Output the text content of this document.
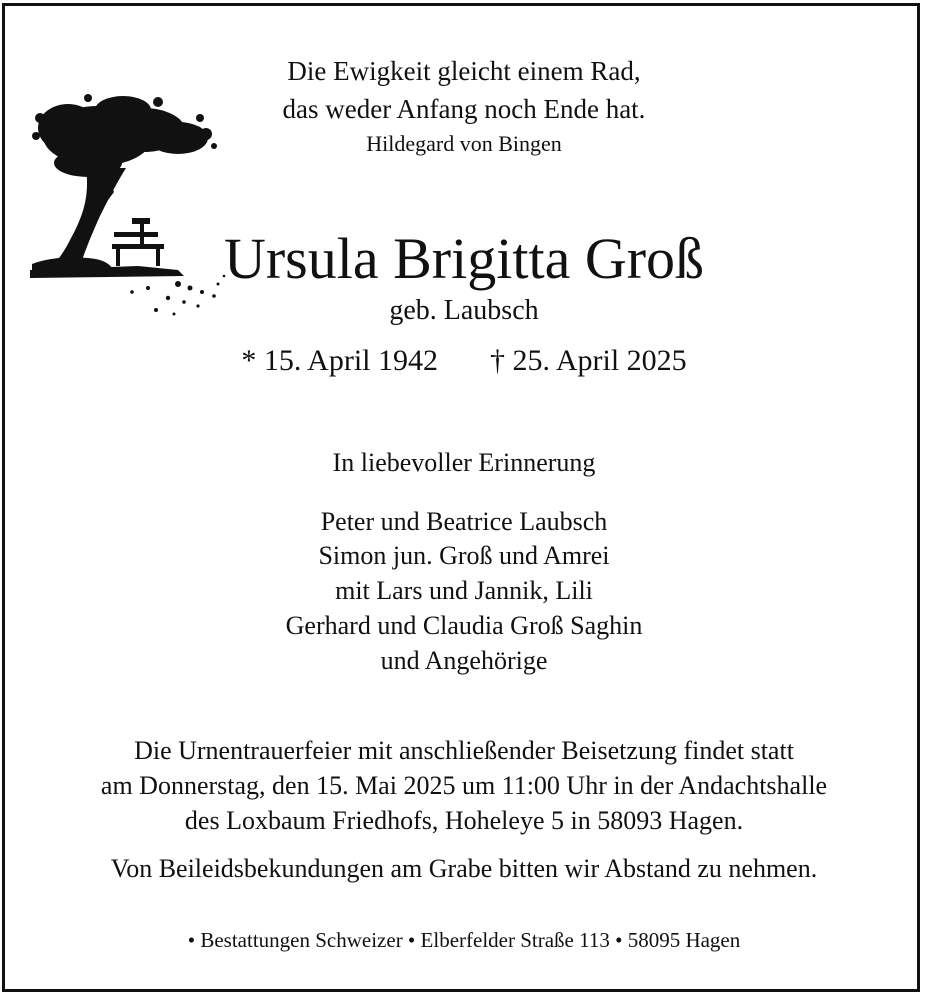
Die Ewigkeit gleicht einem Rad,
das weder Anfang noch Ende hat.
Hildegard von Bingen
Ursula Brigitta Groß
geb. Laubsch
* 15. April 1942 † 25. April 2025
In liebevoller Erinnerung
Peter und Beatrice Laubsch
Simon jun. Groß und Amrei
mit Lars und Jannik, Lili
Gerhard und Claudia Groß Saghin
und Angehörige
Die Urnentrauerfeier mit anschließender Beisetzung findet statt
am Donnerstag, den 15. Mai 2025 um 11:00 Uhr in der Andachtshalle
des Loxbaum Friedhofs, Hoheleye 5 in 58093 Hagen.
Von Beileidsbekundungen am Grabe bitten wir Abstand zu nehmen.
• Bestattungen Schweizer • Elberfelder Straße 113 • 58095 Hagen
